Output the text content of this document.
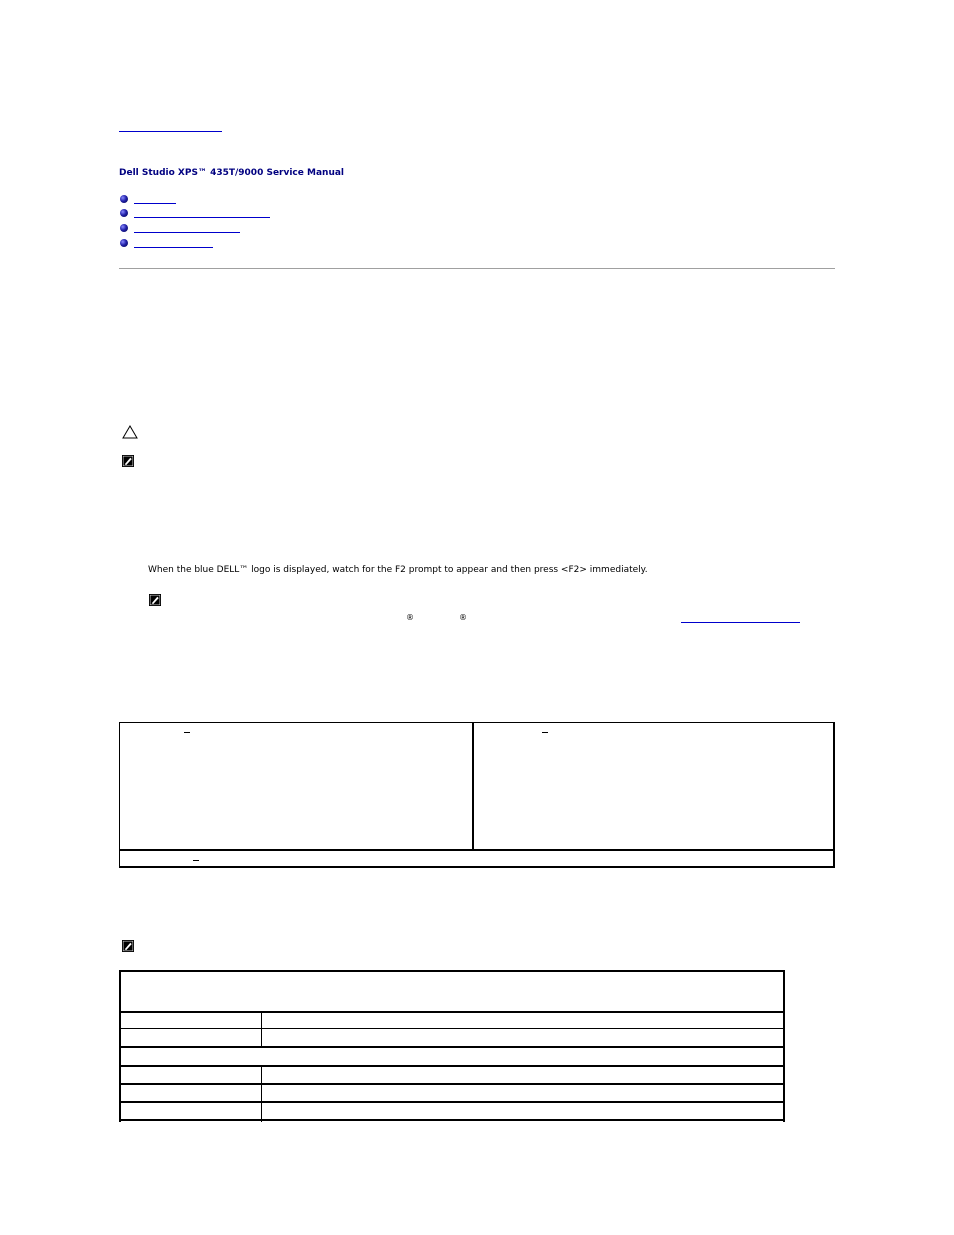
Dell Studio XPS™ 435T/9000 Service Manual
When the blue DELL™ logo is displayed, watch for the F2 prompt to appear and then press <F2> immediately.
®	®
